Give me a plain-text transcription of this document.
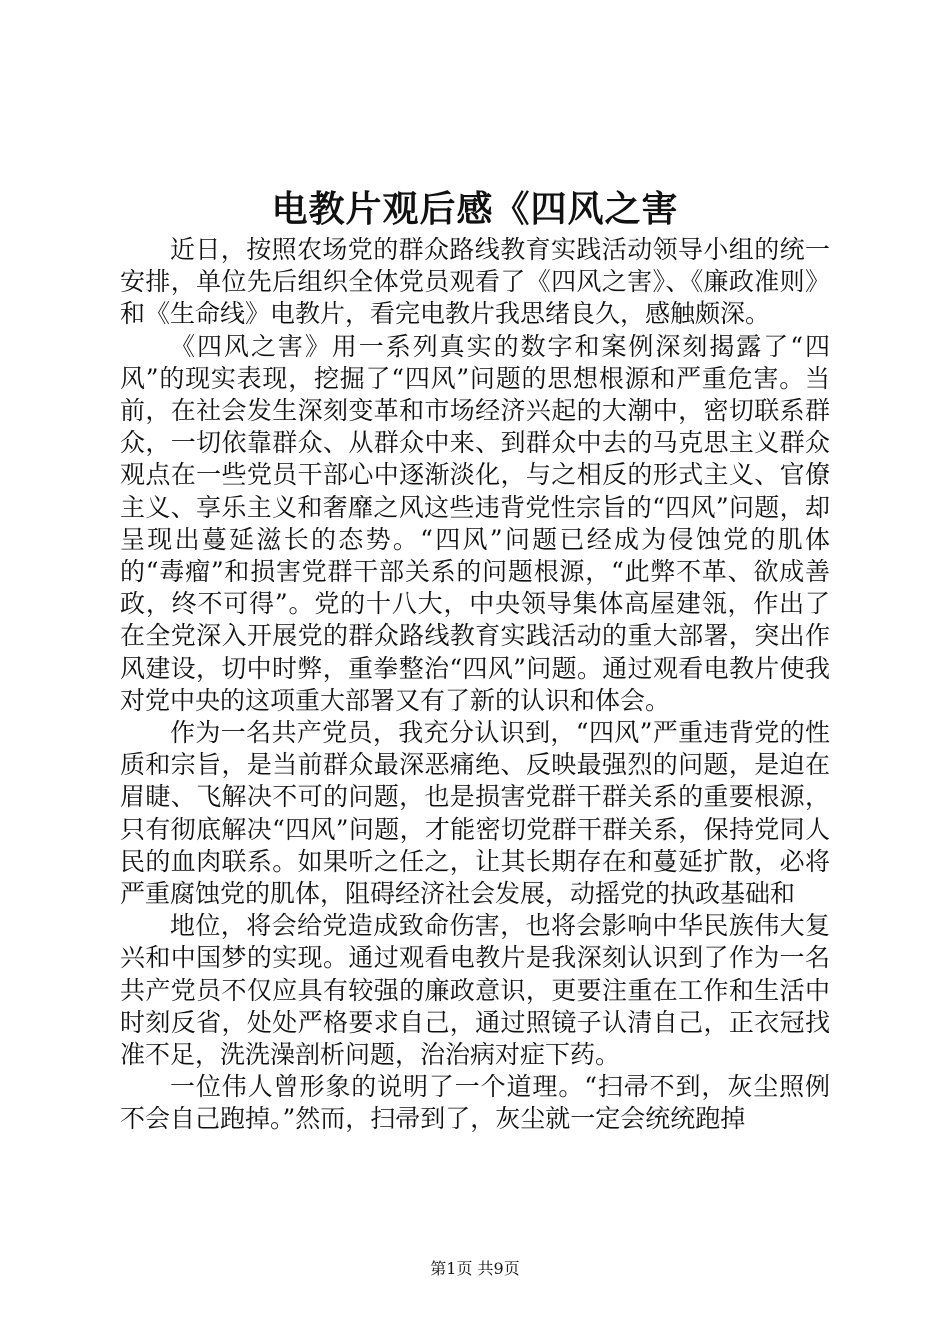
电教片观后感《四风之害

近日，按照农场党的群众路线教育实践活动领导小组的统一安排，单位先后组织全体党员观看了《四风之害》、《廉政准则》和《生命线》电教片，看完电教片我思绪良久，感触颇深。

《四风之害》用一系列真实的数字和案例深刻揭露了“四风”的现实表现，挖掘了“四风”问题的思想根源和严重危害。当前，在社会发生深刻变革和市场经济兴起的大潮中，密切联系群众，一切依靠群众、从群众中来、到群众中去的马克思主义群众观点在一些党员干部心中逐渐淡化，与之相反的形式主义、官僚主义、享乐主义和奢靡之风这些违背党性宗旨的“四风”问题，却呈现出蔓延滋长的态势。“四风”问题已经成为侵蚀党的肌体的“毒瘤”和损害党群干部关系的问题根源，“此弊不革、欲成善政，终不可得”。党的十八大，中央领导集体高屋建瓴，作出了在全党深入开展党的群众路线教育实践活动的重大部署，突出作风建设，切中时弊，重拳整治“四风”问题。通过观看电教片使我对党中央的这项重大部署又有了新的认识和体会。

作为一名共产党员，我充分认识到，“四风”严重违背党的性质和宗旨，是当前群众最深恶痛绝、反映最强烈的问题，是迫在眉睫、飞解决不可的问题，也是损害党群干群关系的重要根源，只有彻底解决“四风”问题，才能密切党群干群关系，保持党同人民的血肉联系。如果听之任之，让其长期存在和蔓延扩散，必将严重腐蚀党的肌体，阻碍经济社会发展，动摇党的执政基础和

地位，将会给党造成致命伤害，也将会影响中华民族伟大复兴和中国梦的实现。通过观看电教片是我深刻认识到了作为一名共产党员不仅应具有较强的廉政意识，更要注重在工作和生活中时刻反省，处处严格要求自己，通过照镜子认清自己，正衣冠找准不足，洗洗澡剖析问题，治治病对症下药。

一位伟人曾形象的说明了一个道理。“扫帚不到，灰尘照例不会自己跑掉。”然而，扫帚到了，灰尘就一定会统统跑掉

第1页 共9页
